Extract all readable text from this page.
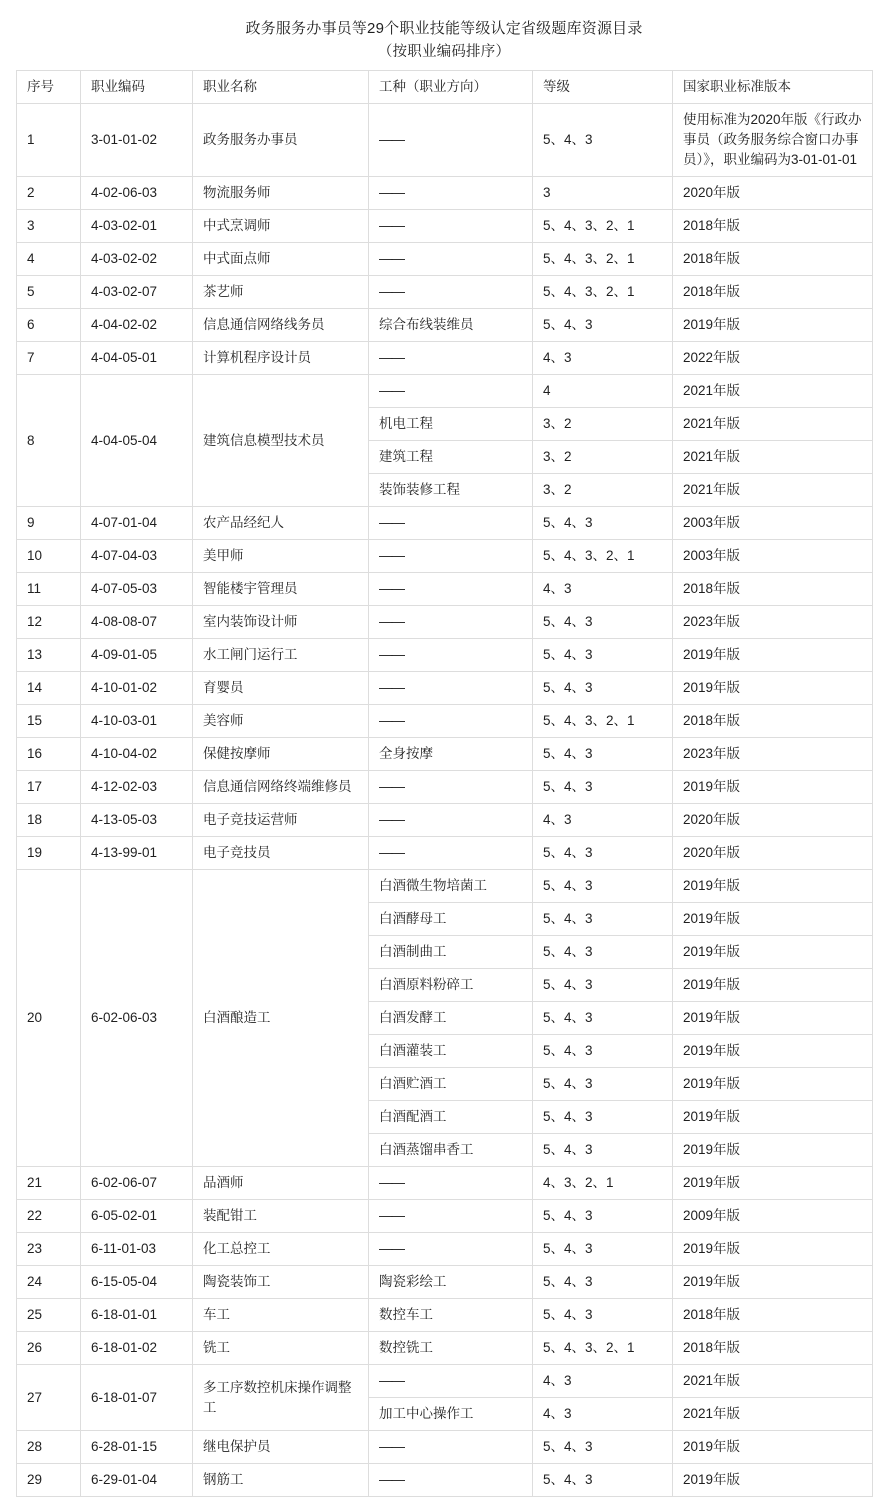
政务服务办事员等29个职业技能等级认定省级题库资源目录
（按职业编码排序）
序号	职业编码	职业名称	工种（职业方向）	等级	国家职业标准版本
1	3-01-01-02	政务服务办事员	——	5、4、3	使用标准为2020年版《行政办事员（政务服务综合窗口办事员）》，职业编码为3-01-01-01
2	4-02-06-03	物流服务师	——	3	2020年版
3	4-03-02-01	中式烹调师	——	5、4、3、2、1	2018年版
4	4-03-02-02	中式面点师	——	5、4、3、2、1	2018年版
5	4-03-02-07	茶艺师	——	5、4、3、2、1	2018年版
6	4-04-02-02	信息通信网络线务员	综合布线装维员	5、4、3	2019年版
7	4-04-05-01	计算机程序设计员	——	4、3	2022年版
8	4-04-05-04	建筑信息模型技术员	——	4	2021年版
			机电工程	3、2	2021年版
			建筑工程	3、2	2021年版
			装饰装修工程	3、2	2021年版
9	4-07-01-04	农产品经纪人	——	5、4、3	2003年版
10	4-07-04-03	美甲师	——	5、4、3、2、1	2003年版
11	4-07-05-03	智能楼宇管理员	——	4、3	2018年版
12	4-08-08-07	室内装饰设计师	——	5、4、3	2023年版
13	4-09-01-05	水工闸门运行工	——	5、4、3	2019年版
14	4-10-01-02	育婴员	——	5、4、3	2019年版
15	4-10-03-01	美容师	——	5、4、3、2、1	2018年版
16	4-10-04-02	保健按摩师	全身按摩	5、4、3	2023年版
17	4-12-02-03	信息通信网络终端维修员	——	5、4、3	2019年版
18	4-13-05-03	电子竞技运营师	——	4、3	2020年版
19	4-13-99-01	电子竞技员	——	5、4、3	2020年版
20	6-02-06-03	白酒酿造工	白酒微生物培菌工	5、4、3	2019年版
			白酒酵母工	5、4、3	2019年版
			白酒制曲工	5、4、3	2019年版
			白酒原料粉碎工	5、4、3	2019年版
			白酒发酵工	5、4、3	2019年版
			白酒灌装工	5、4、3	2019年版
			白酒贮酒工	5、4、3	2019年版
			白酒配酒工	5、4、3	2019年版
			白酒蒸馏串香工	5、4、3	2019年版
21	6-02-06-07	品酒师	——	4、3、2、1	2019年版
22	6-05-02-01	装配钳工	——	5、4、3	2009年版
23	6-11-01-03	化工总控工	——	5、4、3	2019年版
24	6-15-05-04	陶瓷装饰工	陶瓷彩绘工	5、4、3	2019年版
25	6-18-01-01	车工	数控车工	5、4、3	2018年版
26	6-18-01-02	铣工	数控铣工	5、4、3、2、1	2018年版
27	6-18-01-07	多工序数控机床操作调整工	——	4、3	2021年版
			加工中心操作工	4、3	2021年版
28	6-28-01-15	继电保护员	——	5、4、3	2019年版
29	6-29-01-04	钢筋工	——	5、4、3	2019年版
